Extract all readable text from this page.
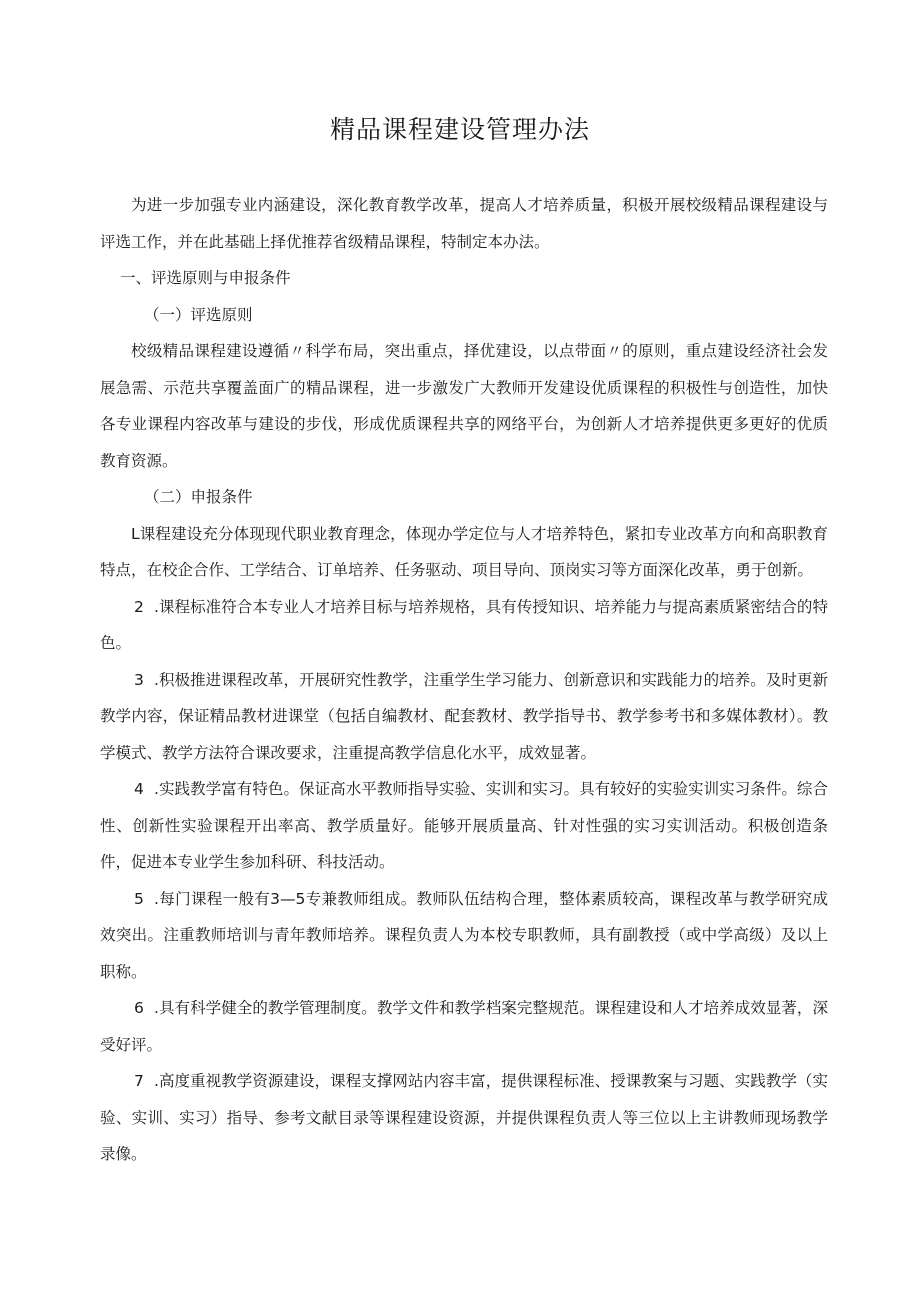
精品课程建设管理办法

为进一步加强专业内涵建设，深化教育教学改革，提高人才培养质量，积极开展校级精品课程建设与评选工作，并在此基础上择优推荐省级精品课程，特制定本办法。

一、评选原则与申报条件

（一）评选原则

校级精品课程建设遵循〃科学布局，突出重点，择优建设，以点带面〃的原则，重点建设经济社会发展急需、示范共享覆盖面广的精品课程，进一步激发广大教师开发建设优质课程的积极性与创造性，加快各专业课程内容改革与建设的步伐，形成优质课程共享的网络平台，为创新人才培养提供更多更好的优质教育资源。

（二）申报条件

L课程建设充分体现现代职业教育理念，体现办学定位与人才培养特色，紧扣专业改革方向和高职教育特点，在校企合作、工学结合、订单培养、任务驱动、项目导向、顶岗实习等方面深化改革，勇于创新。

2 .课程标准符合本专业人才培养目标与培养规格，具有传授知识、培养能力与提高素质紧密结合的特色。

3 .积极推进课程改革，开展研究性教学，注重学生学习能力、创新意识和实践能力的培养。及时更新教学内容，保证精品教材进课堂（包括自编教材、配套教材、教学指导书、教学参考书和多媒体教材）。教学模式、教学方法符合课改要求，注重提高教学信息化水平，成效显著。

4 .实践教学富有特色。保证高水平教师指导实验、实训和实习。具有较好的实验实训实习条件。综合性、创新性实验课程开出率高、教学质量好。能够开展质量高、针对性强的实习实训活动。积极创造条件，促进本专业学生参加科研、科技活动。

5 .每门课程一般有3—5专兼教师组成。教师队伍结构合理，整体素质较高，课程改革与教学研究成效突出。注重教师培训与青年教师培养。课程负责人为本校专职教师，具有副教授（或中学高级）及以上职称。

6 .具有科学健全的教学管理制度。教学文件和教学档案完整规范。课程建设和人才培养成效显著，深受好评。

7 .高度重视教学资源建设，课程支撑网站内容丰富，提供课程标准、授课教案与习题、实践教学（实验、实训、实习）指导、参考文献目录等课程建设资源，并提供课程负责人等三位以上主讲教师现场教学录像。
